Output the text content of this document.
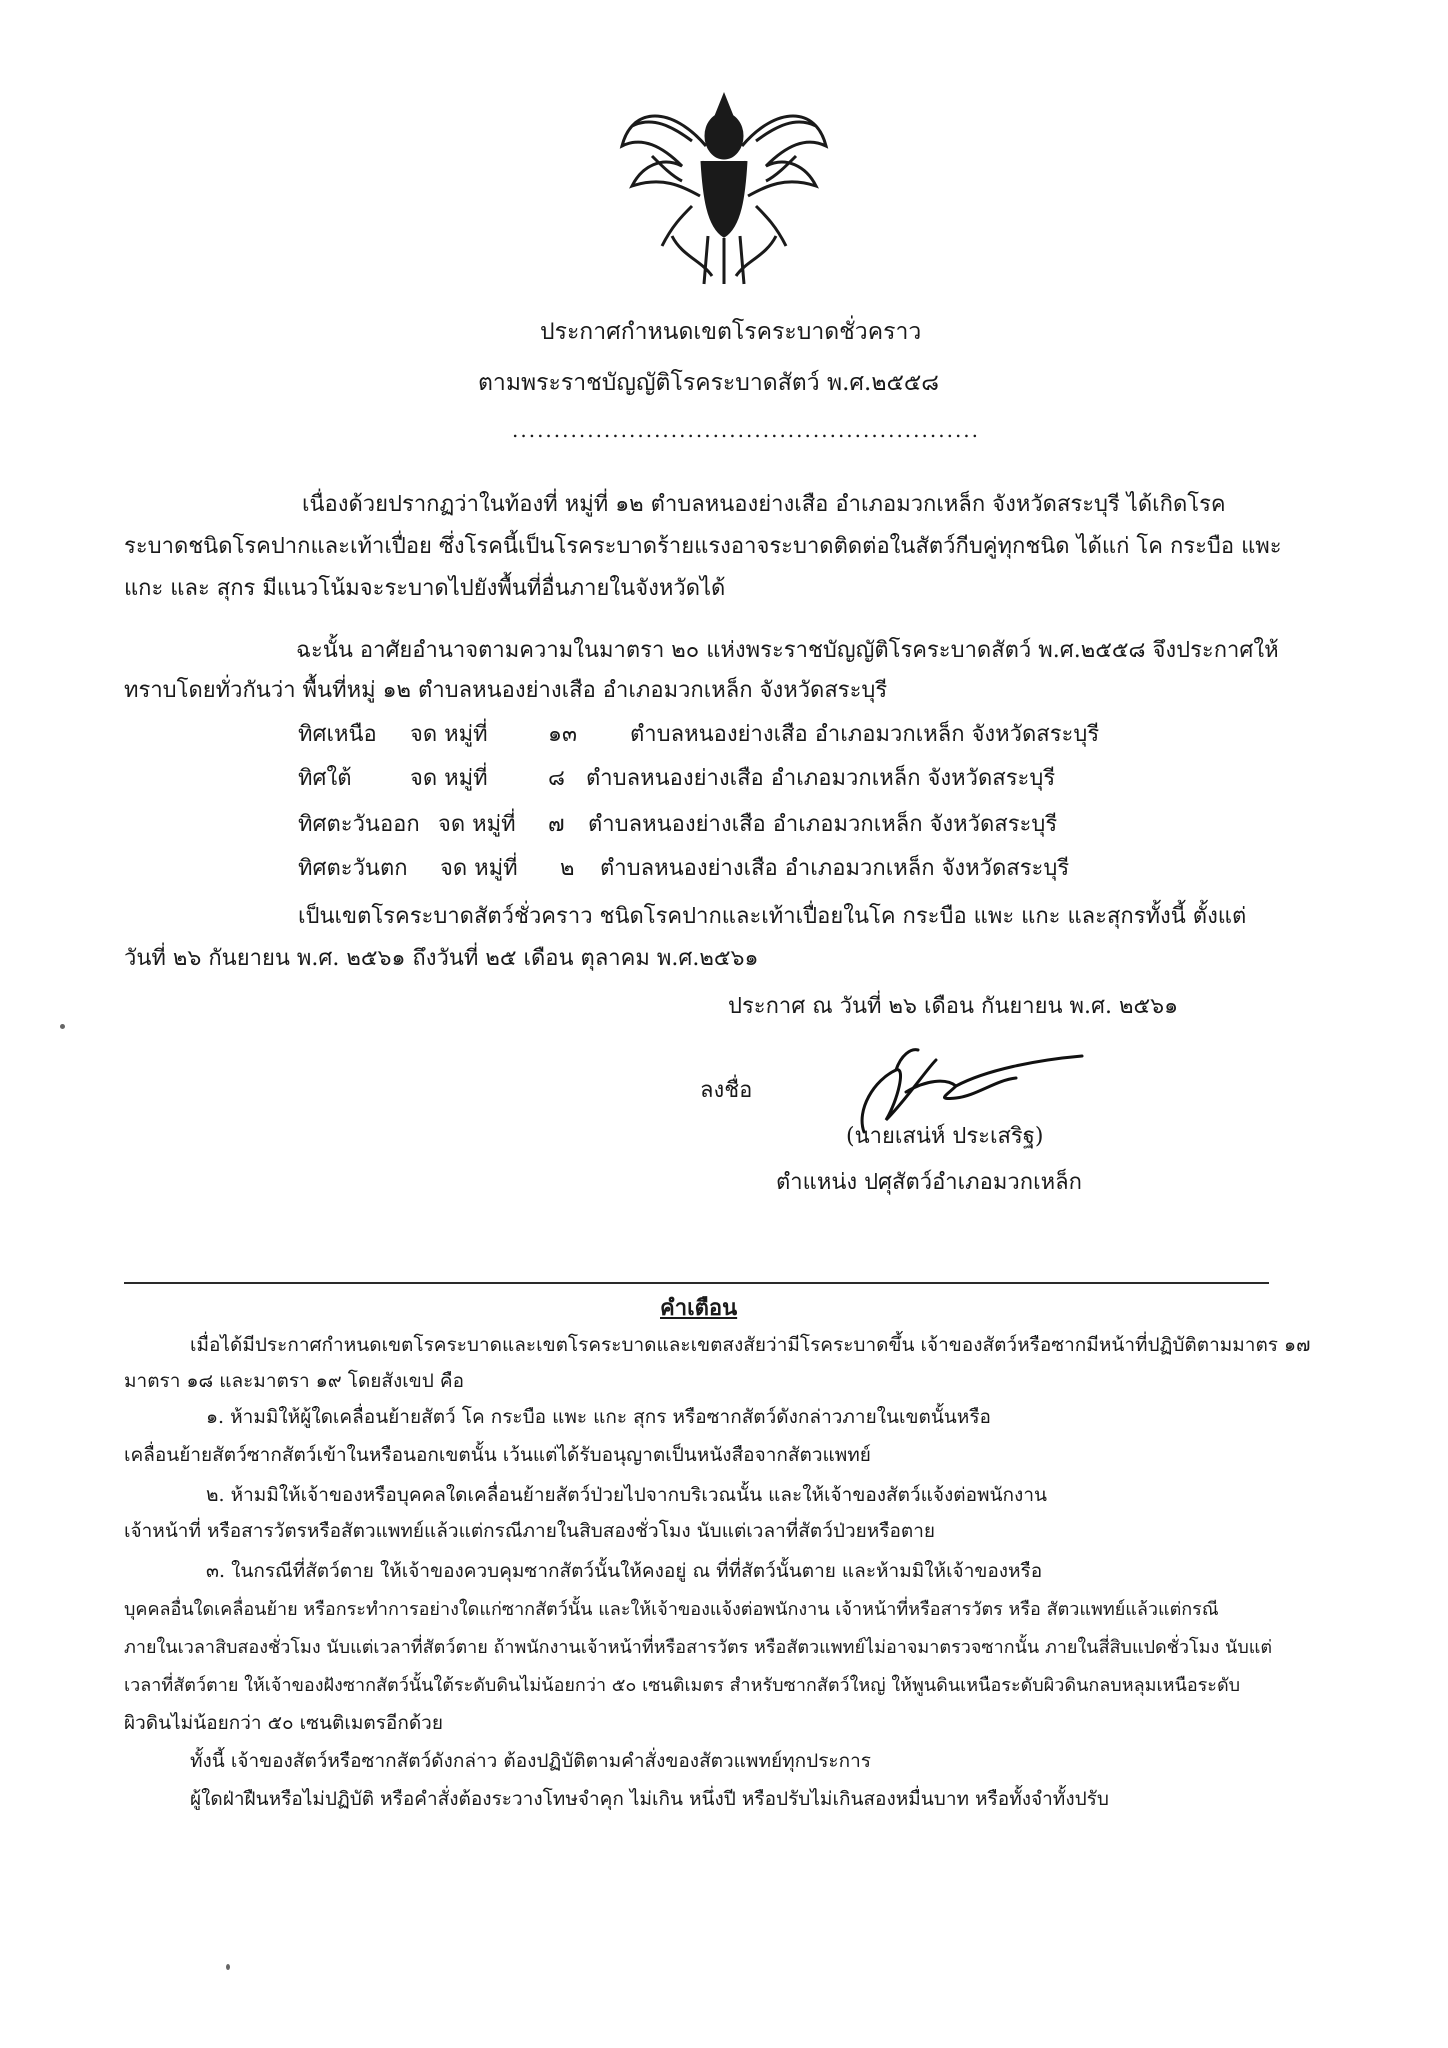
ประกาศกำหนดเขตโรคระบาดชั่วคราว
ตามพระราชบัญญัติโรคระบาดสัตว์ พ.ศ.๒๕๕๘
........................................................
เนื่องด้วยปรากฏว่าในท้องที่ หมู่ที่ ๑๒ ตำบลหนองย่างเสือ อำเภอมวกเหล็ก จังหวัดสระบุรี ได้เกิดโรค
ระบาดชนิดโรคปากและเท้าเปื่อย ซึ่งโรคนี้เป็นโรคระบาดร้ายแรงอาจระบาดติดต่อในสัตว์กีบคู่ทุกชนิด ได้แก่ โค กระบือ แพะ
แกะ และ สุกร มีแนวโน้มจะระบาดไปยังพื้นที่อื่นภายในจังหวัดได้
ฉะนั้น อาศัยอำนาจตามความในมาตรา ๒๐ แห่งพระราชบัญญัติโรคระบาดสัตว์ พ.ศ.๒๕๕๘ จึงประกาศให้
ทราบโดยทั่วกันว่า พื้นที่หมู่ ๑๒ ตำบลหนองย่างเสือ อำเภอมวกเหล็ก จังหวัดสระบุรี
ทิศเหนือ จด หมู่ที่	๑๓ ตำบลหนองย่างเสือ อำเภอมวกเหล็ก จังหวัดสระบุรี
ทิศใต้	จด หมู่ที่	๘ ตำบลหนองย่างเสือ อำเภอมวกเหล็ก จังหวัดสระบุรี
ทิศตะวันออก จด หมู่ที่ ๗ ตำบลหนองย่างเสือ อำเภอมวกเหล็ก จังหวัดสระบุรี
ทิศตะวันตก จด หมู่ที่ ๒ ตำบลหนองย่างเสือ อำเภอมวกเหล็ก จังหวัดสระบุรี
เป็นเขตโรคระบาดสัตว์ชั่วคราว ชนิดโรคปากและเท้าเปื่อยในโค กระบือ แพะ แกะ และสุกรทั้งนี้ ตั้งแต่
วันที่ ๒๖ กันยายน พ.ศ. ๒๕๖๑ ถึงวันที่ ๒๕ เดือน ตุลาคม พ.ศ.๒๕๖๑
ประกาศ ณ วันที่ ๒๖ เดือน กันยายน พ.ศ. ๒๕๖๑
ลงชื่อ
(นายเสน่ห์ ประเสริฐ)
ตำแหน่ง ปศุสัตว์อำเภอมวกเหล็ก
คำเตือน
เมื่อได้มีประกาศกำหนดเขตโรคระบาดและเขตโรคระบาดและเขตสงสัยว่ามีโรคระบาดขึ้น เจ้าของสัตว์หรือซากมีหน้าที่ปฏิบัติตามมาตร ๑๗
มาตรา ๑๘ และมาตรา ๑๙ โดยสังเขป คือ
๑. ห้ามมิให้ผู้ใดเคลื่อนย้ายสัตว์ โค กระบือ แพะ แกะ สุกร หรือซากสัตว์ดังกล่าวภายในเขตนั้นหรือ
เคลื่อนย้ายสัตว์ซากสัตว์เข้าในหรือนอกเขตนั้น เว้นแต่ได้รับอนุญาตเป็นหนังสือจากสัตวแพทย์
๒. ห้ามมิให้เจ้าของหรือบุคคลใดเคลื่อนย้ายสัตว์ป่วยไปจากบริเวณนั้น และให้เจ้าของสัตว์แจ้งต่อพนักงาน
เจ้าหน้าที่ หรือสารวัตรหรือสัตวแพทย์แล้วแต่กรณีภายในสิบสองชั่วโมง นับแต่เวลาที่สัตว์ป่วยหรือตาย
๓. ในกรณีที่สัตว์ตาย ให้เจ้าของควบคุมซากสัตว์นั้นให้คงอยู่ ณ ที่ที่สัตว์นั้นตาย และห้ามมิให้เจ้าของหรือ
บุคคลอื่นใดเคลื่อนย้าย หรือกระทำการอย่างใดแก่ซากสัตว์นั้น และให้เจ้าของแจ้งต่อพนักงาน เจ้าหน้าที่หรือสารวัตร หรือ สัตวแพทย์แล้วแต่กรณี
ภายในเวลาสิบสองชั่วโมง นับแต่เวลาที่สัตว์ตาย ถ้าพนักงานเจ้าหน้าที่หรือสารวัตร หรือสัตวแพทย์ไม่อาจมาตรวจซากนั้น ภายในสี่สิบแปดชั่วโมง นับแต่
เวลาที่สัตว์ตาย ให้เจ้าของฝังซากสัตว์นั้นใต้ระดับดินไม่น้อยกว่า ๕๐ เซนติเมตร สำหรับซากสัตว์ใหญ่ ให้พูนดินเหนือระดับผิวดินกลบหลุมเหนือระดับ
ผิวดินไม่น้อยกว่า ๕๐ เซนติเมตรอีกด้วย
ทั้งนี้ เจ้าของสัตว์หรือซากสัตว์ดังกล่าว ต้องปฏิบัติตามคำสั่งของสัตวแพทย์ทุกประการ
ผู้ใดฝ่าฝืนหรือไม่ปฏิบัติ หรือคำสั่งต้องระวางโทษจำคุก ไม่เกิน หนึ่งปี หรือปรับไม่เกินสองหมื่นบาท หรือทั้งจำทั้งปรับ
